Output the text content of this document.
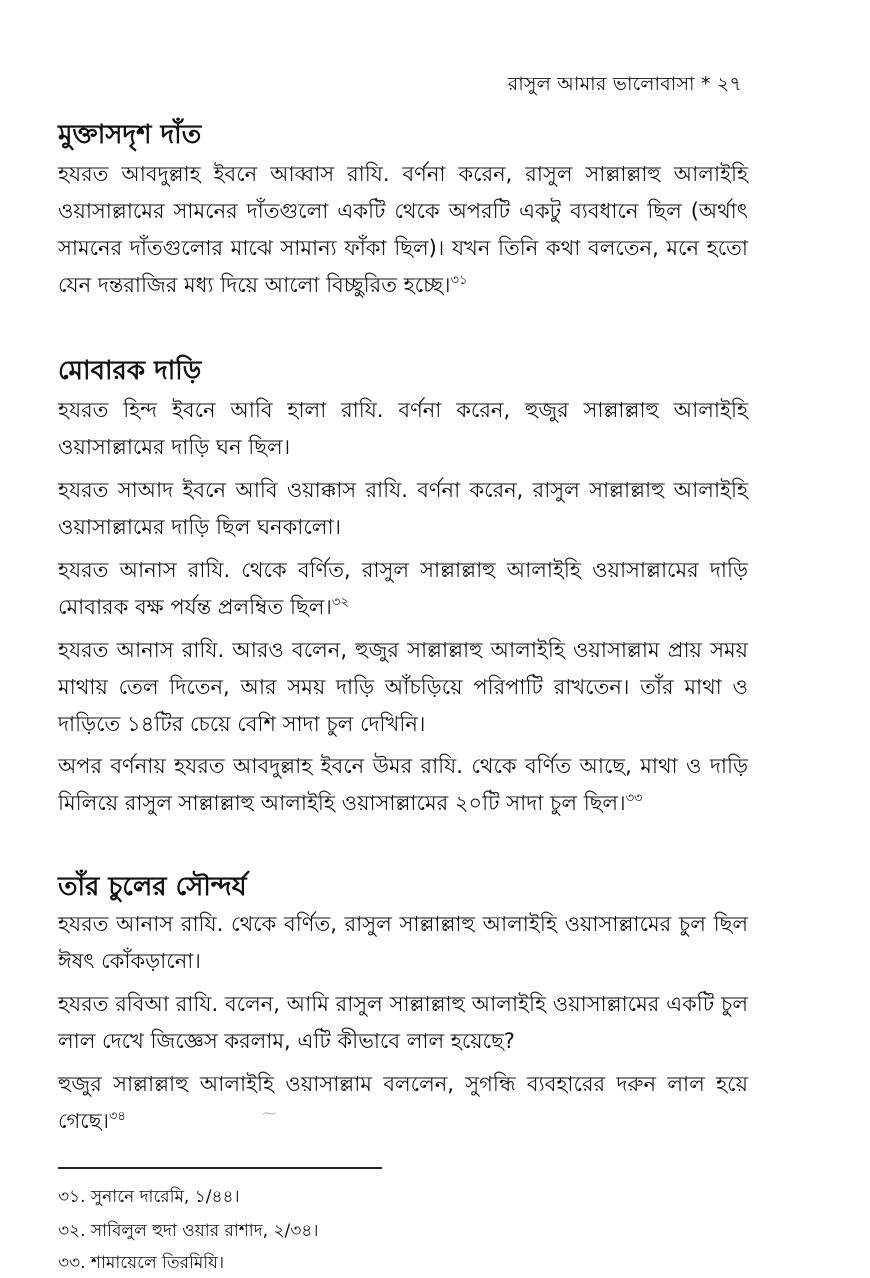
রাসুল আমার ভালোবাসা * ২৭
মুক্তাসদৃশ দাঁত
হযরত আবদুল্লাহ ইবনে আব্বাস রাযি. বর্ণনা করেন, রাসুল সাল্লাল্লাহু আলাইহি ওয়াসাল্লামের সামনের দাঁতগুলো একটি থেকে অপরটি একটু ব্যবধানে ছিল (অর্থাৎ সামনের দাঁতগুলোর মাঝে সামান্য ফাঁকা ছিল)। যখন তিনি কথা বলতেন, মনে হতো যেন দন্তরাজির মধ্য দিয়ে আলো বিচ্ছুরিত হচ্ছে।$^{৩১}$
মোবারক দাড়ি
হযরত হিন্দ ইবনে আবি হালা রাযি. বর্ণনা করেন, হুজুর সাল্লাল্লাহু আলাইহি ওয়াসাল্লামের দাড়ি ঘন ছিল।
হযরত সাআদ ইবনে আবি ওয়াক্কাস রাযি. বর্ণনা করেন, রাসুল সাল্লাল্লাহু আলাইহি ওয়াসাল্লামের দাড়ি ছিল ঘনকালো।
হযরত আনাস রাযি. থেকে বর্ণিত, রাসুল সাল্লাল্লাহু আলাইহি ওয়াসাল্লামের দাড়ি মোবারক বক্ষ পর্যন্ত প্রলম্বিত ছিল।$^{৩২}$
হযরত আনাস রাযি. আরও বলেন, হুজুর সাল্লাল্লাহু আলাইহি ওয়াসাল্লাম প্রায় সময় মাথায় তেল দিতেন, আর সময় দাড়ি আঁচড়িয়ে পরিপাটি রাখতেন। তাঁর মাথা ও দাড়িতে ১৪টির চেয়ে বেশি সাদা চুল দেখিনি।
অপর বর্ণনায় হযরত আবদুল্লাহ ইবনে উমর রাযি. থেকে বর্ণিত আছে, মাথা ও দাড়ি মিলিয়ে রাসুল সাল্লাল্লাহু আলাইহি ওয়াসাল্লামের ২০টি সাদা চুল ছিল।$^{৩৩}$
তাঁর চুলের সৌন্দর্য
হযরত আনাস রাযি. থেকে বর্ণিত, রাসুল সাল্লাল্লাহু আলাইহি ওয়াসাল্লামের চুল ছিল ঈষৎ কোঁকড়ানো।
হযরত রবিআ রাযি. বলেন, আমি রাসুল সাল্লাল্লাহু আলাইহি ওয়াসাল্লামের একটি চুল লাল দেখে জিজ্ঞেস করলাম, এটি কীভাবে লাল হয়েছে?
হুজুর সাল্লাল্লাহু আলাইহি ওয়াসাল্লাম বললেন, সুগন্ধি ব্যবহারের দরুন লাল হয়ে গেছে।$^{৩৪}$	⁓
৩১. সুনানে দারেমি, ১/৪৪।
৩২. সাবিলুল হুদা ওয়ার রাশাদ, ২/৩৪।
৩৩. শামায়েলে তিরমিযি।
